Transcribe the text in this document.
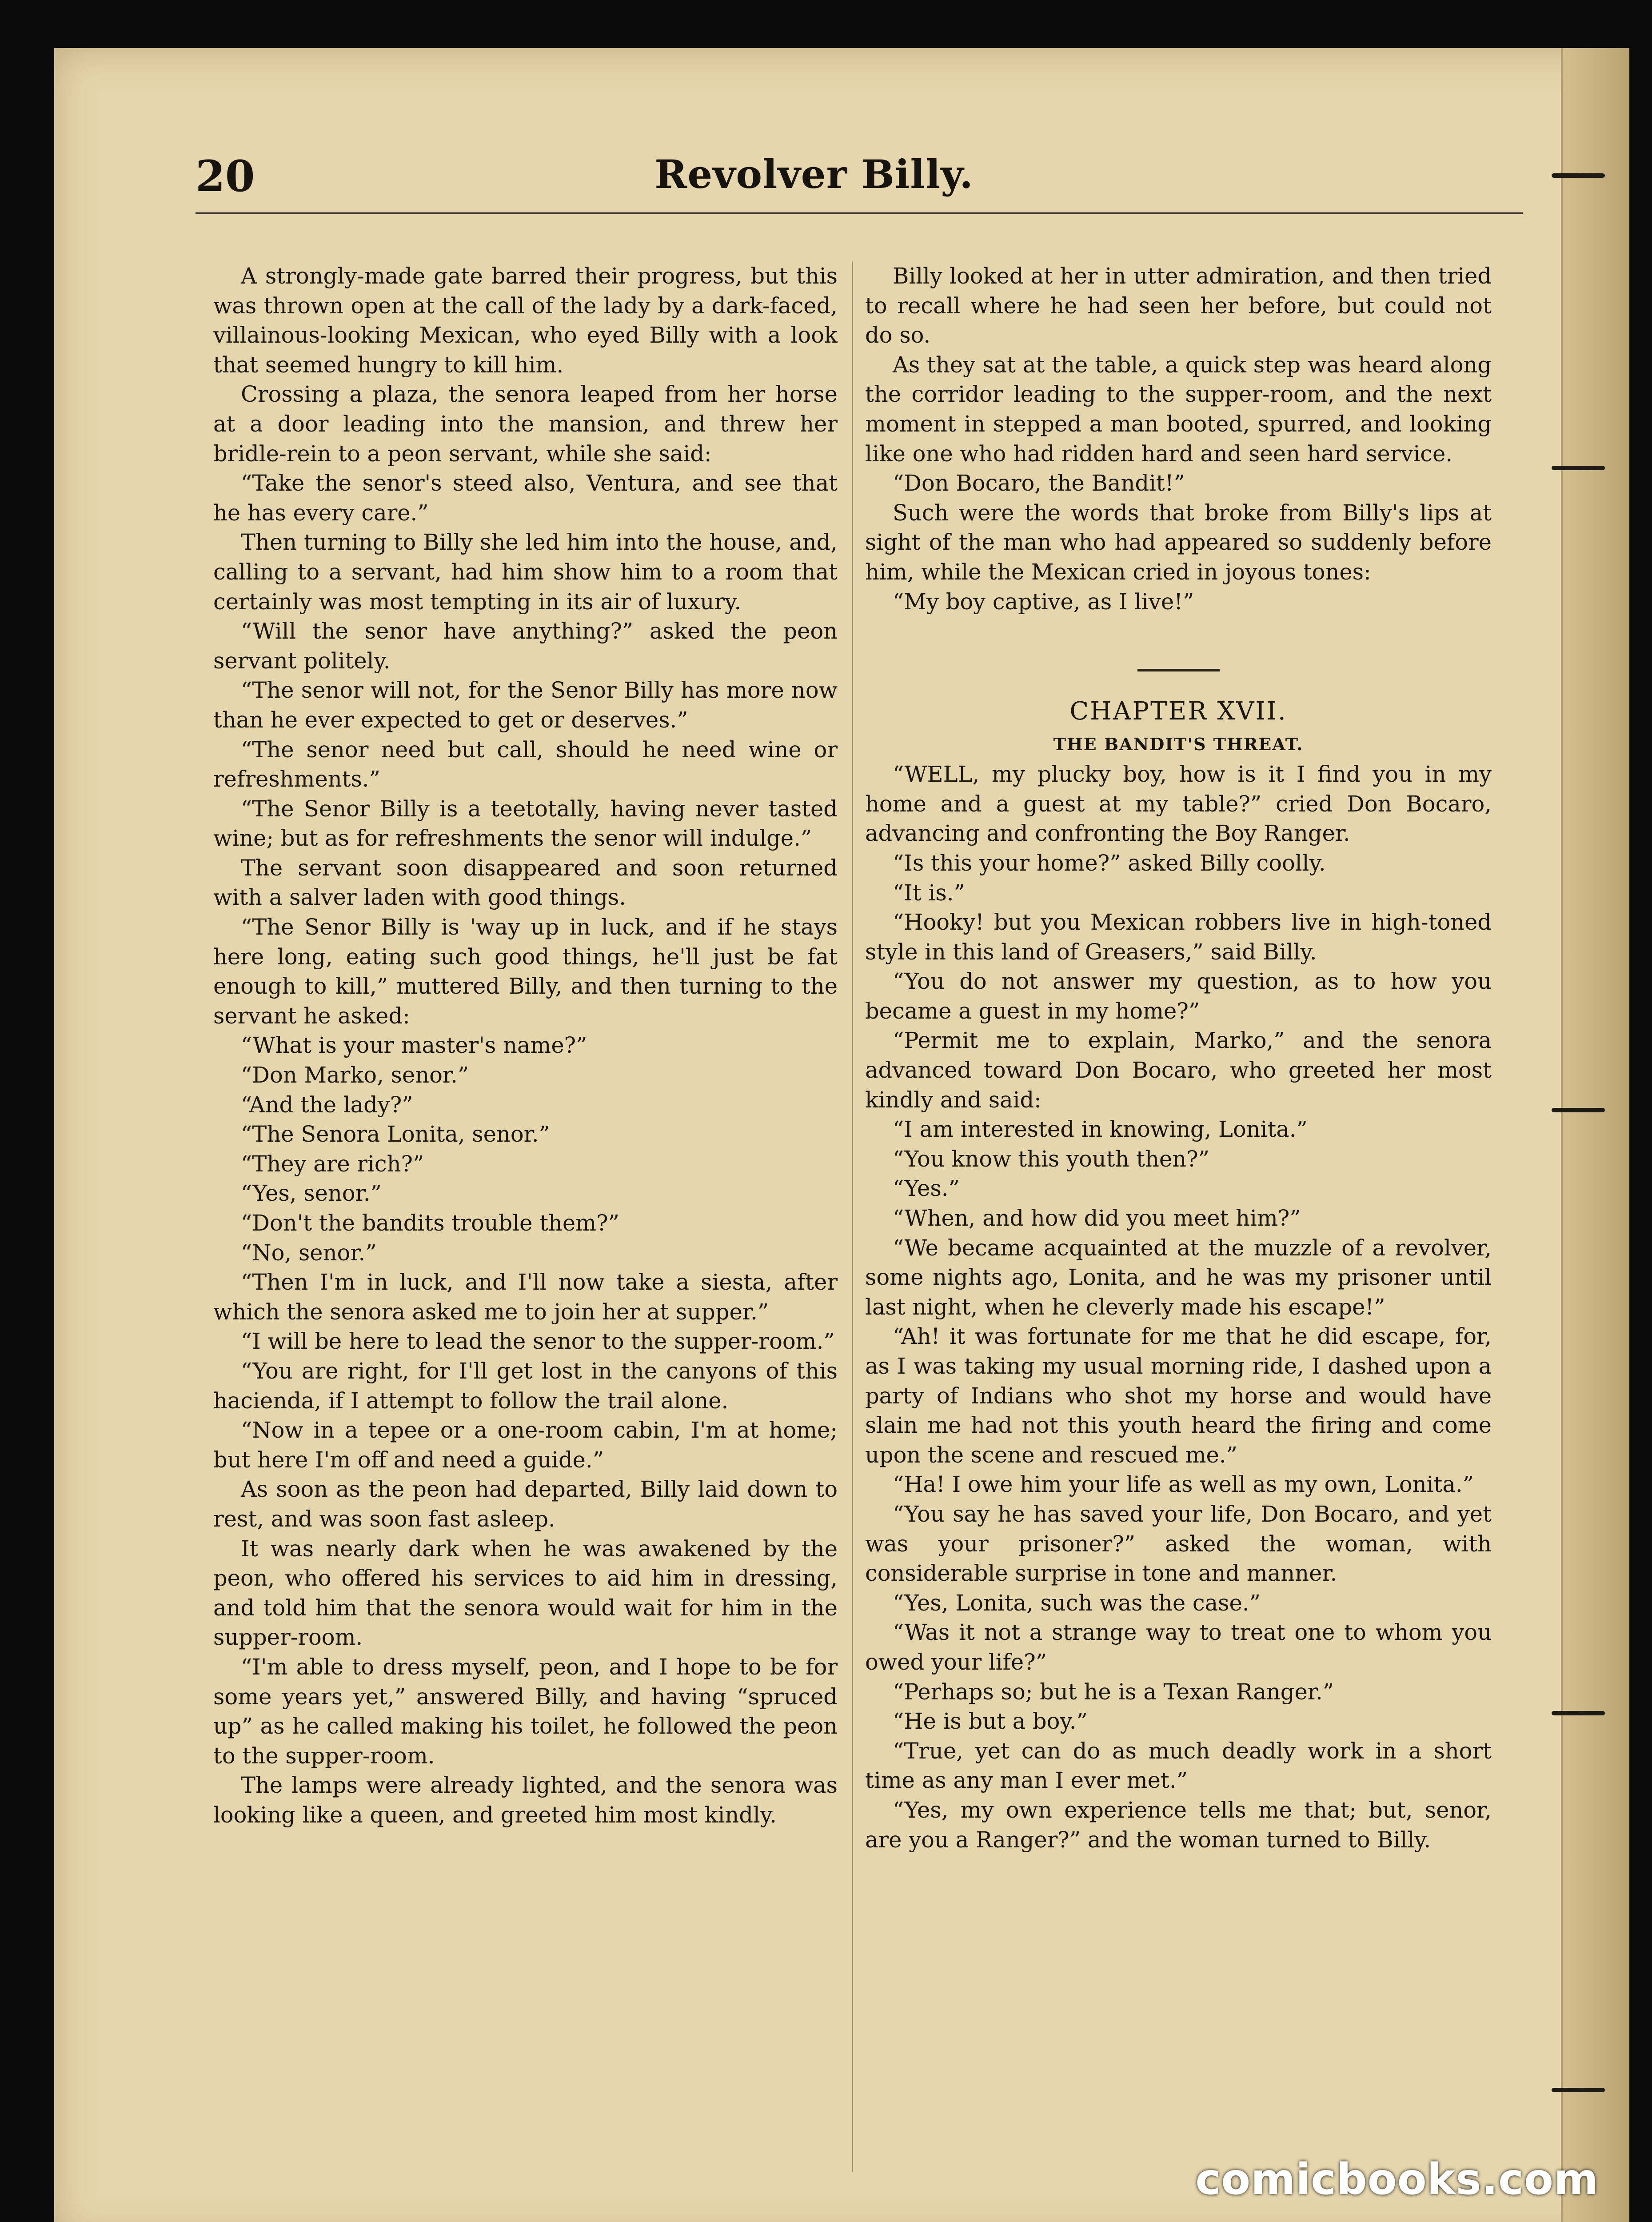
Revolver Billy.
20

A strongly-made gate barred their progress, but this was thrown open at the call of the lady by a dark-faced, villainous-looking Mexican, who eyed Billy with a look that seemed hungry to kill him.

Crossing a plaza, the senora leaped from her horse at a door leading into the mansion, and threw her bridle-rein to a peon servant, while she said:

“Take the senor's steed also, Ventura, and see that he has every care.”

Then turning to Billy she led him into the house, and, calling to a servant, had him show him to a room that certainly was most tempting in its air of luxury.

“Will the senor have anything?” asked the peon servant politely.

“The senor will not, for the Senor Billy has more now than he ever expected to get or deserves.”

“The senor need but call, should he need wine or refreshments.”

“The Senor Billy is a teetotally, having never tasted wine; but as for refreshments the senor will indulge.”

The servant soon disappeared and soon returned with a salver laden with good things.

“The Senor Billy is 'way up in luck, and if he stays here long, eating such good things, he'll just be fat enough to kill,” muttered Billy, and then turning to the servant he asked:

“What is your master's name?”

“Don Marko, senor.”

“And the lady?”

“The Senora Lonita, senor.”

“They are rich?”

“Yes, senor.”

“Don't the bandits trouble them?”

“No, senor.”

“Then I'm in luck, and I'll now take a siesta, after which the senora asked me to join her at supper.”

“I will be here to lead the senor to the supper-room.”

“You are right, for I'll get lost in the canyons of this hacienda, if I attempt to follow the trail alone.

“Now in a tepee or a one-room cabin, I'm at home; but here I'm off and need a guide.”

As soon as the peon had departed, Billy laid down to rest, and was soon fast asleep.

It was nearly dark when he was awakened by the peon, who offered his services to aid him in dressing, and told him that the senora would wait for him in the supper-room.

“I'm able to dress myself, peon, and I hope to be for some years yet,” answered Billy, and having “spruced up” as he called making his toilet, he followed the peon to the supper-room.

The lamps were already lighted, and the senora was looking like a queen, and greeted him most kindly.

Billy looked at her in utter admiration, and then tried to recall where he had seen her before, but could not do so.

As they sat at the table, a quick step was heard along the corridor leading to the supper-room, and the next moment in stepped a man booted, spurred, and looking like one who had ridden hard and seen hard service.

“Don Bocaro, the Bandit!”

Such were the words that broke from Billy's lips at sight of the man who had appeared so suddenly before him, while the Mexican cried in joyous tones:

“My boy captive, as I live!”

CHAPTER XVII.

THE BANDIT'S THREAT.

“WELL, my plucky boy, how is it I find you in my home and a guest at my table?” cried Don Bocaro, advancing and confronting the Boy Ranger.

“Is this your home?” asked Billy coolly.

“It is.”

“Hooky! but you Mexican robbers live in high-toned style in this land of Greasers,” said Billy.

“You do not answer my question, as to how you became a guest in my home?”

“Permit me to explain, Marko,” and the senora advanced toward Don Bocaro, who greeted her most kindly and said:

“I am interested in knowing, Lonita.”

“You know this youth then?”

“Yes.”

“When, and how did you meet him?”

“We became acquainted at the muzzle of a revolver, some nights ago, Lonita, and he was my prisoner until last night, when he cleverly made his escape!”

“Ah! it was fortunate for me that he did escape, for, as I was taking my usual morning ride, I dashed upon a party of Indians who shot my horse and would have slain me had not this youth heard the firing and come upon the scene and rescued me.”

“Ha! I owe him your life as well as my own, Lonita.”

“You say he has saved your life, Don Bocaro, and yet was your prisoner?” asked the woman, with considerable surprise in tone and manner.

“Yes, Lonita, such was the case.”

“Was it not a strange way to treat one to whom you owed your life?”

“Perhaps so; but he is a Texan Ranger.”

“He is but a boy.”

“True, yet can do as much deadly work in a short time as any man I ever met.”

“Yes, my own experience tells me that; but, senor, are you a Ranger?” and the woman turned to Billy.

comicbooks.com
